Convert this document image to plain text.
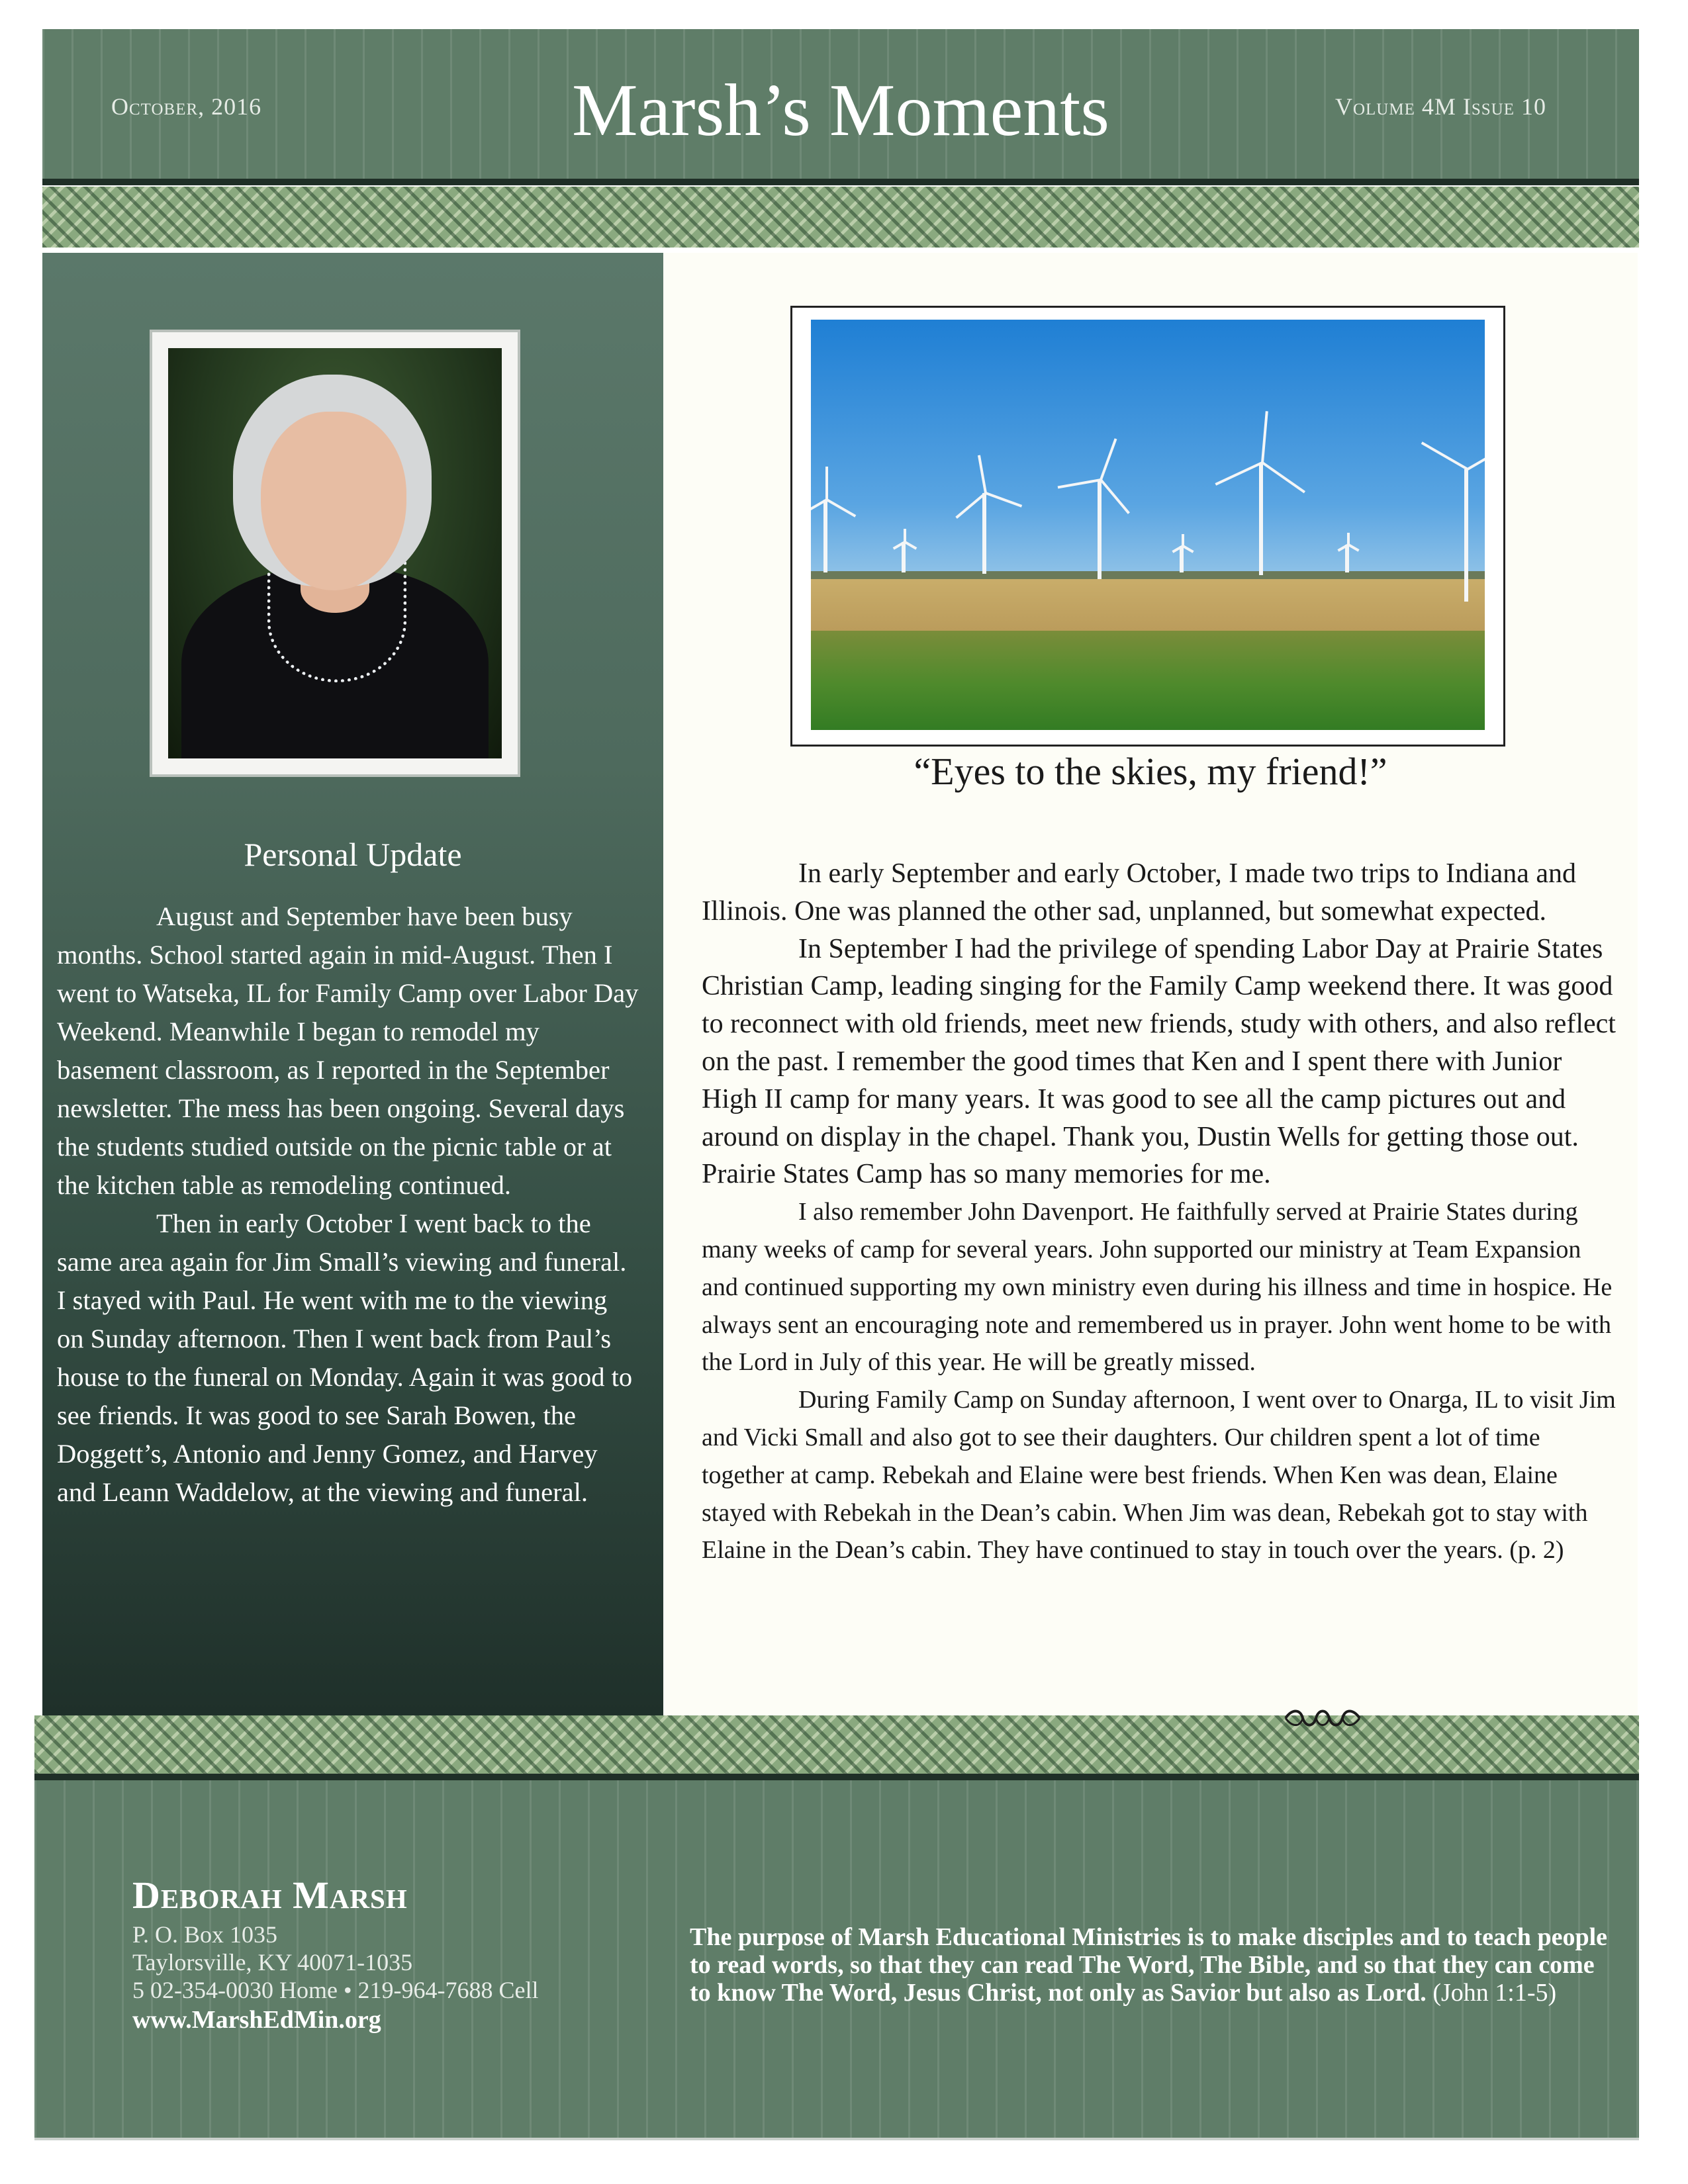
October, 2016	Marsh’s Moments	Volume 4M Issue 10
Personal Update

August and September have been busy months. School started again in mid-August. Then I went to Watseka, IL for Family Camp over Labor Day Weekend. Meanwhile I began to remodel my basement classroom, as I reported in the September newsletter. The mess has been ongoing. Several days the students studied outside on the picnic table or at the kitchen table as remodeling continued.

Then in early October I went back to the same area again for Jim Small’s viewing and funeral. I stayed with Paul. He went with me to the viewing on Sunday afternoon. Then I went back from Paul’s house to the funeral on Monday. Again it was good to see friends. It was good to see Sarah Bowen, the Doggett’s, Antonio and Jenny Gomez, and Harvey and Leann Waddelow, at the viewing and funeral.

“Eyes to the skies, my friend!”

In early September and early October, I made two trips to Indiana and Illinois. One was planned the other sad, unplanned, but somewhat expected.

In September I had the privilege of spending Labor Day at Prairie States Christian Camp, leading singing for the Family Camp weekend there. It was good to reconnect with old friends, meet new friends, study with others, and also reflect on the past. I remember the good times that Ken and I spent there with Junior High II camp for many years. It was good to see all the camp pictures out and around on display in the chapel. Thank you, Dustin Wells for getting those out. Prairie States Camp has so many memories for me.

I also remember John Davenport. He faithfully served at Prairie States during many weeks of camp for several years. John supported our ministry at Team Expansion and continued supporting my own ministry even during his illness and time in hospice. He always sent an encouraging note and remembered us in prayer. John went home to be with the Lord in July of this year. He will be greatly missed.

During Family Camp on Sunday afternoon, I went over to Onarga, IL to visit Jim and Vicki Small and also got to see their daughters. Our children spent a lot of time together at camp. Rebekah and Elaine were best friends. When Ken was dean, Elaine stayed with Rebekah in the Dean’s cabin. When Jim was dean, Rebekah got to stay with Elaine in the Dean’s cabin. They have continued to stay in touch over the years. (p. 2)

Deborah Marsh
P. O. Box 1035
Taylorsville, KY 40071-1035
5 02-354-0030 Home • 219-964-7688 Cell
www.MarshEdMin.org
The purpose of Marsh Educational Ministries is to make disciples and to teach people to read words, so that they can read The Word, The Bible, and so that they can come to know The Word, Jesus Christ, not only as Savior but also as Lord. (John 1:1-5)
